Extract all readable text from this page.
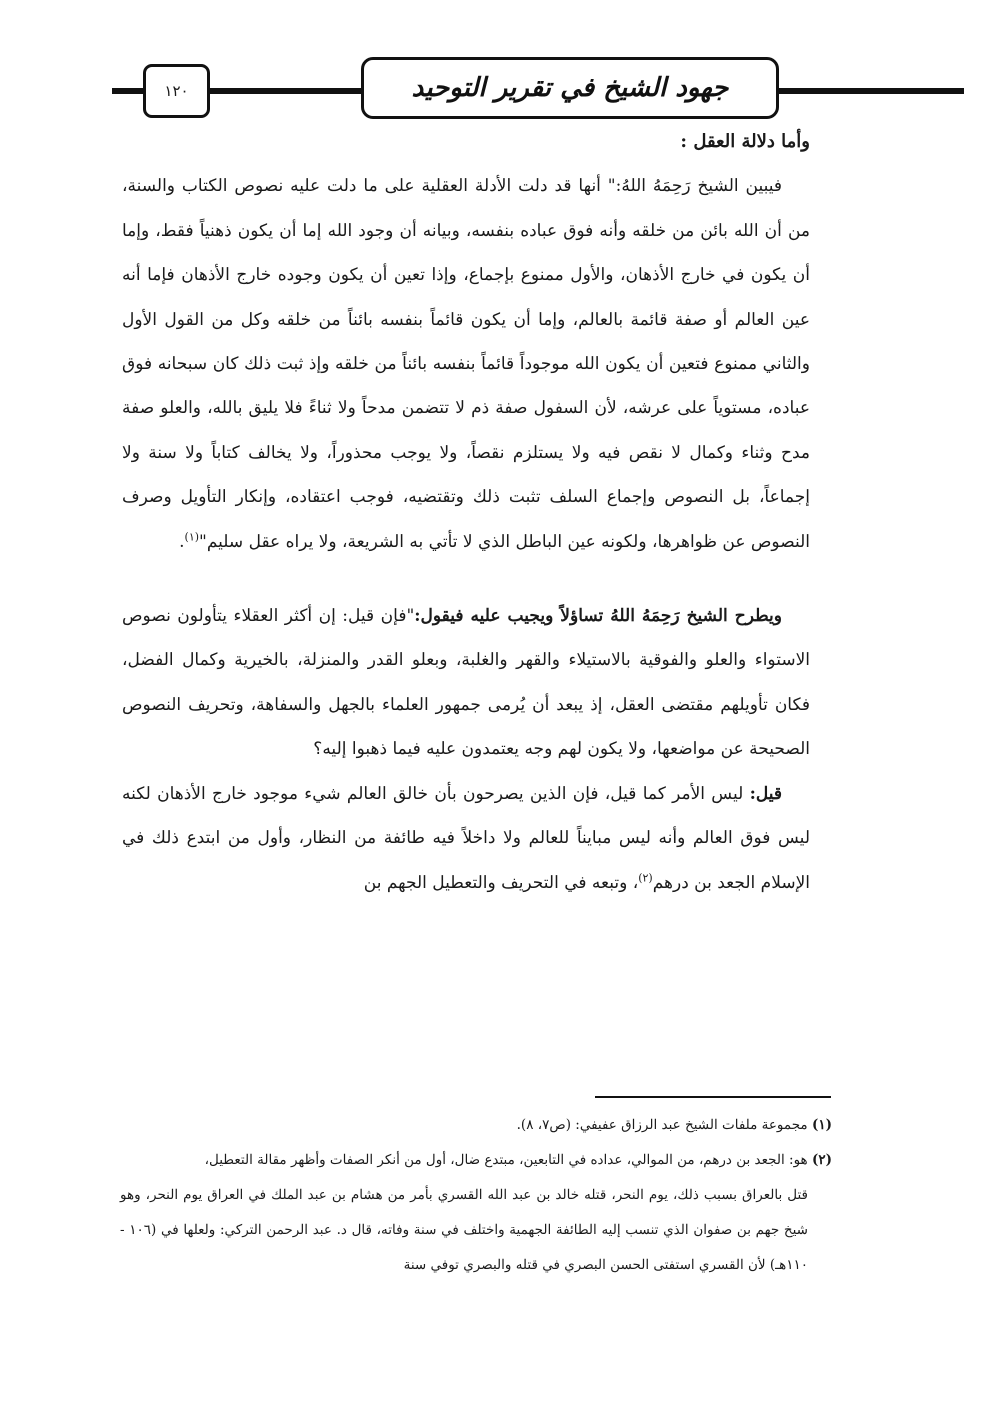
جهود الشيخ في تقرير التوحيد
١٢٠

وأما دلالة العقل :

فيبين الشيخ رَحِمَهُ اللهُ:" أنها قد دلت الأدلة العقلية على ما دلت عليه نصوص الكتاب والسنة، من أن الله بائن من خلقه وأنه فوق عباده بنفسه، وبيانه أن وجود الله إما أن يكون ذهنياً فقط، وإما أن يكون في خارج الأذهان، والأول ممنوع بإجماع، وإذا تعين أن يكون وجوده خارج الأذهان فإما أنه عين العالم أو صفة قائمة بالعالم، وإما أن يكون قائماً بنفسه بائناً من خلقه وكل من القول الأول والثاني ممنوع فتعين أن يكون الله موجوداً قائماً بنفسه بائناً من خلقه وإذ ثبت ذلك كان سبحانه فوق عباده، مستوياً على عرشه، لأن السفول صفة ذم لا تتضمن مدحاً ولا ثناءً فلا يليق بالله، والعلو صفة مدح وثناء وكمال لا نقص فيه ولا يستلزم نقصاً، ولا يوجب محذوراً، ولا يخالف كتاباً ولا سنة ولا إجماعاً، بل النصوص وإجماع السلف تثبت ذلك وتقتضيه، فوجب اعتقاده، وإنكار التأويل وصرف النصوص عن ظواهرها، ولكونه عين الباطل الذي لا تأتي به الشريعة، ولا يراه عقل سليم"$^{(١)}$.

ويطرح الشيخ رَحِمَهُ اللهُ تساؤلاً ويجيب عليه فيقول:"فإن قيل: إن أكثر العقلاء يتأولون نصوص الاستواء والعلو والفوقية بالاستيلاء والقهر والغلبة، وبعلو القدر والمنزلة، بالخيرية وكمال الفضل، فكان تأويلهم مقتضى العقل، إذ يبعد أن يُرمى جمهور العلماء بالجهل والسفاهة، وتحريف النصوص الصحيحة عن مواضعها، ولا يكون لهم وجه يعتمدون عليه فيما ذهبوا إليه؟

قيل: ليس الأمر كما قيل، فإن الذين يصرحون بأن خالق العالم شيء موجود خارج الأذهان لكنه ليس فوق العالم وأنه ليس مبايناً للعالم ولا داخلاً فيه طائفة من النظار، وأول من ابتدع ذلك في الإسلام الجعد بن درهم$^{(٢)}$، وتبعه في التحريف والتعطيل الجهم بن

(١) مجموعة ملفات الشيخ عبد الرزاق عفيفي: (ص٧، ٨).

(٢) هو: الجعد بن درهم، من الموالي، عداده في التابعين، مبتدع ضال، أول من أنكر الصفات وأظهر مقالة التعطيل،

قتل بالعراق بسبب ذلك، يوم النحر، قتله خالد بن عبد الله القسري بأمر من هشام بن عبد الملك في العراق يوم النحر، وهو شيخ جهم بن صفوان الذي تنسب إليه الطائفة الجهمية واختلف في سنة وفاته، قال د. عبد الرحمن التركي: ولعلها في (١٠٦ - ١١٠هـ) لأن القسري استفتى الحسن البصري في قتله والبصري توفي سنة
